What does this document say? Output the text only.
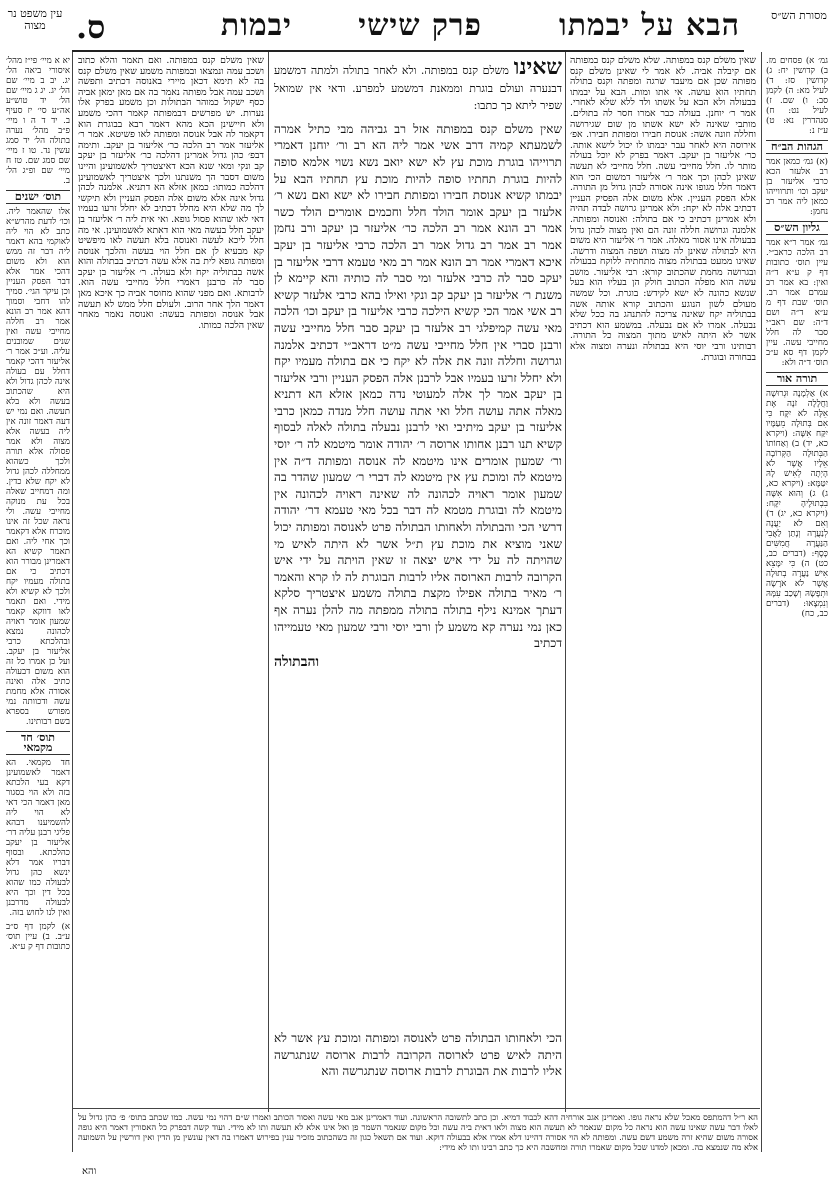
הבא על יבמתו
פרק שישי
יבמות
ס.	מסורת הש״ס
עין משפט נר מצוה
גמ׳ א) פסחים מז. ב) קדושין יח: ג) קדושין סז: ד) לעיל מא: ה) לקמן סב: ו) שם. ז) לעיל נט: ח) סנהדרין נא: ט) ע״ז נ:
הגהות הב״ח
(א) גמ׳ כמאן אמר רב אלעזר הכא כרבי אליעזר בן יעקב וכו׳ ותרווייהו כמאן ליה אמר רב נחמן:
גליון הש״ס
גמ׳ אמר ר״א אמר רב הלכה כראב״י. עיין תוס׳ כתובות דף ק ע״א ד״ה ואין: בא אמר רב עמרם אמר רב. תוס׳ שבת דף מ ע״א ד״ה ושם ד״ה: שם ראב״י סבר לה חלל מחייבי עשה. עיין לקמן דף סא ע״ב תוס׳ ד״ה ולא:
תורה אור
א) אַלְמָנָה וּגְרוּשָׁה וַחֲלָלָה זֹנָה אֶת אֵלֶּה לֹא יִקָּח כִּי אִם בְּתוּלָה מֵעַמָּיו יִקַּח אִשָּׁה: (ויקרא כא, יד) ב) וְאַחוֹתוֹ הַבְּתוּלָה הַקְּרוֹבָה אֵלָיו אֲשֶׁר לֹא הָיְתָה לְאִישׁ לָהּ יִטַּמָּא: (ויקרא כא, ג) ג) וְהוּא אִשָּׁה בִבְתוּלֶיהָ יִקָּח: (ויקרא כא, יג) ד) וְאִם לֹא יַעֲנֶה לְנַעֲרָה וְנָתַן לַאֲבִי הַנַּעֲרָה חֲמִשִּׁים כָּסֶף: (דברים כב, כט) ה) כִּי יִמָּצֵא אִישׁ נַעֲרָה בְתוּלָה אֲשֶׁר לֹא אֹרָשָׂה וּתְפָשָׂהּ וְשָׁכַב עִמָּהּ וְנִמְצָאוּ: (דברים כב, כח)
שאין משלם קנס במפותה. שלא משלם קנס במפותה אם קיבלה אביה. לא אמר לי שאינן משלם קנס מפותה שכן אם מיעבד שרגה ומפתה וקנס בתולה תחתיו הוא עושה. אי אתו ומות. הבא על יבמתו בבעולה ולא הבא על אשתו ולד ללא שלא לאחרי. אמר ר׳ יוחנן. בעולה כבר אמרו חסר לה בתולים. מותבי שאינה לא ישא אשתו מן שום שגירושה וחללה וזונה אשה: אנוסת חבירו ומפותת חבירו. אפ׳ אירוסה היא לאחר עבר יבמתו לו יכול לישא אותה. כר׳ אליעזר בן יעקב. דאמר בפרק לא יוכל בעולה מותר לו. חלל מחייבי עשה. חלל מחייבי לא תעשה שאינן לכהן וכך אמר ר׳ אליעזר דמשום הכי הוא דאמר חלל מגופו אינה אסורה לכהן גדול מן התורה. אלא הפסק העניין. אלא משום אלה הפסיק העניין דכתיב אלה לא יקח: ולא אמרינן גרושה לבדה תהיה ולא אמרינן דכתיב כי אם בתולה: ואנוסה ומפותה. אלמנה וגרושה חללה זונה הם ואין מצוה לכהן גדול בבעולה אינו אסור מאלה. אמר ר׳ אליעזר היא משום היא לבתולה שאינן לה מצוה ושפה המצוה ודרשה. שאינו ממעט בבתולה מצוה מתחתיה ללוקח בבעולה ובגרושה מחמת שהכתוב קורא: רבי אליעזר. מושב עשה הוא מפלה הכתוב חולק הן בעליו הוא בעל שנשא כהונה לא ישא לקידש: בוגרת. וכל שמשה מעולם לשון הנוגע והכתוב קורא אותה אשה בבתוליה יקח שאינה צריכה להתנהג בה ככל שלא נבעלה. אמרו לא אם נבעלה. במשמע הוא דכתיב אשר לא היתה לאיש מתוך המצוה כל התורה. רבותינו ורבי יוסי היא בבתולה ונערה ומצוה אלא בבחורה ובוגרת.
שאין משלם קנס במפותה. ואם תאמר והלא כתוב ושכב עמה ונמצאו ובמפותה משמע שאין משלם קנס בה לא תימא דכאן מיירי באנוסה דכתיב ותפשה ושכב עמה אבל מפותה נאמר בה אם מאן ימאן אביה כסף ישקול כמוהר הבתולות וכן משמע בפרק אלו נערות. יש מפרשים דבמפותה קאמר דהכי משמע ולא חיישינן הכא מהא דאמר רבא בבוגרת הוא דקאמר לה אבל אנוסה ומפותה לאו פשיטא. אמר ר׳ אליעזר אמר רב הלכה כר׳ אליעזר בן יעקב. ותימה דבפ׳ כהן גדול אמרינן דהלכה כר׳ אליעזר בן יעקב קב ונקי ומאי שנא הכא דאיצטריך לאשמועינן והיינו משום דסבר הך משנתנו ולכך איצטריך לאשמועינן דהלכה כמותו: כמאן אזלא הא דתניא. אלמנה לכהן גדול אינה אלא משום אלה הפסק העניין ולא תיקשי לך מה שלא היא מחלל דכתיב לא יחלל זרעו בעמיו דאי לאו שהוא פסול גופא. ואי אית ליה ר׳ אליעזר בן יעקב חלל בעשה מאי הוא דאתא לאשמועינן. אי מה חלל ליכא לעשה ואנוסה בלא תעשה לאו מיפשיט קא מבעיא לן אם חלל הוי בעשה והלכך אנוסה ומפותה גופא לית בה אלא עשה דכתיב בבתולה והוא אשה בבתוליה יקח ולא בעולה. ר׳ אליעזר בן יעקב סבר לה כרבנן דאמרי חלל מחייבי עשה הוא. לרבותא. ואם מפני שהוא מחוסר אביה כך איכא מאן דאמר הלך אחר הרוב. ולעולם חלל ממש לא תעשה אבל אנוסה ומפותה בעשה: ואנוסה נאמר מאחר שאין הלכה כמותו.
יא א מיי׳ פי״ז מהל׳ איסורי ביאה הל׳ יג. יב ב מיי׳ שם הל׳ יג. יג ג מיי׳ שם הל׳ יד טוש״ע אה״ע סי׳ יז סעיף ב. יד ד ה ו מיי׳ פ״ב מהל׳ נערה בתולה הל׳ יד סמג עשין נד. טו ז מיי׳ שם סמג שם. טז ח מיי׳ שם ופ״ג הל׳ ב.
תוס׳ ישנים
אלו שהאמר ליה. וכו׳ לדעת מהרש״א כתב לא הוי ליה לאוקמי בהא דאמר ליה דבר זה ממש הוא ולא משום דהכי אמר אלא דבר הפסק העניין וכן עיקר הגי׳. סמיך להו דחבי וסמוך דהא אמר רב הונא אמר רב חללה מחייבי עשה ואין שנים שמובנים עליה. וע״כ אמר ר׳ אליעזר דהכי קאמר דחלל עם בעולה אינה לכהן גדול ולא היא שהכתוב בעשה ולא בלא תעשה. ואם נמי יש דעה דאמר זונה אין ליה בעשה אלא מצוה ולא אמר פסולה אלא תורה ולכך כשהוא ממחללה לכהן גדול לא יקח שלא כדין. ומה דמחייב שאלה בכל עת מנוקה מחייבי עשה. ולי נראה שכל זה אינו מוכרח אלא דקאמר וכך אחי ליה. ואם תאמר קשיא הא דאמרינן מבורר הוא דכתיב כי אם בתולה מעמיו יקח ולכך לא קשיא ולא מידי. ואם תאמר לאו דווקא קאמר שמעון אומר ראויה לכהונה נמצא ובהלכתא כרבי אליעזר בן יעקב. ועל כן אמרו כל זה הוא משום דבעולה כתיב אלה ואינה אסורה אלא מחמת עשה ודכוותה נמי מפורש בספרא בשם רבותינו.
תוס׳ חד מקמאי
חד מקמאי. הא דאמר לאשמועינן דקא בעי הלכתא בזה ולא הוי בסגור מאן דאמר הכי דאי לא הוי ליה להשמיענו דבהא פליגי רבנן עליה דר׳ אליעזר בן יעקב כהלכתא. ובסוף דבריו אמר דלא ינשא כהן גדול לבעולה כמו שהוא בכל דין וכך היא לבעולה מדרבנן ואין לנו לחוש בזה.
א) לקמן דף ס״ב ע״ב. ב) עיין תוס׳ כתובות דף ק ע״א.
שאינו משלם קנס במפותה. ולא לאחר בתולה ולמתה דמשמע דבנערה ועולם בוגרת וממאנת דמשמע למפרע. ודאי אין שמואל שפיר ליתא כך כתבו:
שאין משלם קנס במפותה אזל רב גביהה מבי כתיל אמרה לשמעתא קמיה דרב אשי אמר ליה הא רב ור׳ יוחנן דאמרי תרוייהו בוגרת מוכת עץ לא ישא יואב נשא נשוי אלמא סופה להיות בוגרת תחתיו סופה להיות מוכת עץ תחתיו הבא על יבמתו קשיא אנוסת חבירו ומפותת חבירו לא ישא ואם נשא ר׳ אלעזר בן יעקב אומר הולד חלל וחכמים אומרים הולד כשר אמר רב הונא אמר רב הלכה כר׳ אליעזר בן יעקב ורב נחמן אמר רב אמר רב גדול אמר רב הלכה כרבי אליעזר בן יעקב איכא דאמרי אמר רב הונא אמר רב מאי טעמא דרבי אליעזר בן יעקב סבר לה כרבי אלעזר ומי סבר לה כותיה והא קיימא לן משנת ר׳ אליעזר בן יעקב קב ונקי ואילו בהא כרבי אלעזר קשיא רב אשי אמר הכי קשיא הילכה כרבי אליעזר בן יעקב וכו׳ הלכה מאי עשה קמיפלגי רב אלעזר בן יעקב סבר חלל מחייבי עשה ורבנן סברי אין חלל מחייבי עשה מ״ט דראב״י דכתיב אלמנה וגרושה וחללה זונה את אלה לא יקח כי אם בתולה מעמיו יקח ולא יחלל זרעו בעמיו אבל לרבנן אלה הפסק העניין ורבי אליעזר בן יעקב אמר לך אלה למעוטי נדה כמאן אזלא הא דתניא מאלה אתה עושה חלל ואי אתה עושה חלל מנדה כמאן כרבי אליעזר בן יעקב מיתיבי ואי לרבנן נבעלה בתולה לאלה לבסוף קשיא תנו רבנן אחותו ארוסה ר׳ יהודה אומר מיטמא לה ר׳ יוסי ור׳ שמעון אומרים אינו מיטמא לה אנוסה ומפותה ד״ה אין מיטמא לה ומוכת עץ אין מיטמא לה דברי ר׳ שמעון שהדר בה שמעון אומר ראויה לכהונה לה שאינה ראויה לכהונה אין מיטמא לה ובוגרת מטמא לה דבר בכל מאי טעמא דר׳ יהודה דרשי הכי והבתולה ולאחותו הבתולה פרט לאנוסה ומפותה יכול שאני מוציא את מוכת עץ ת״ל אשר לא היתה לאיש מי שהויתה לה על ידי איש יצאה זו שאין הויתה על ידי איש הקרובה לרבות הארוסה אליו לרבות הבוגרת לה לו קרא והאמר ר׳ מאיר בתולה אפילו מקצת בתולה משמע איצטריך סלקא דעתך אמינא נילף בתולה בתולה ממפתה מה להלן נערה אף כאן נמי נערה קא משמע לן ורבי יוסי ורבי שמעון מאי טעמייהו דכתיב
והבתולה
הכי ולאחותו הבתולה פרט לאנוסה ומפותה ומוכת עץ אשר לא היתה לאיש פרט לארוסה הקרובה לרבות ארוסה שנתגרשה אליו לרבות את הבוגרת לרבות ארוסה שנתגרשה והא
הא ר״ל דהמתפס מאכל שלא נראה גופו. ואמרינן אגב אורחיה דהא לכבוד דמיא. וכן כתב לתשובה הראשונה. ועוד דאמרינן אגב מאי עשה ואסור הכותב ואמרו ש״ם דהוי נמי עשה. כמו שכתב בתוס׳ פ׳ כהן גדול על לאלו דבר עשה שאינו עשה הוא נראה כל מקום שנאמר לא תעשה הוא מצוה ולאו דאית ביה עשה וכל מקום שנאמר השמר פן ואל אינו אלא לא תעשה ותו לא מידי. ועוד קשה דבפרק כל האסורין דאמר היא גופה אסורה משום שהיא זרה משמע דשם עשה. ומפותה לא הוי אסורה דהיינו דלא אמרו אלא בבעולה דוקא. ועוד אם תשאל כגון זה כשהכתוב מזכיר ענין בפירוש דאמרו בה דאין עונשין מן הדין ואין דורשין על השמועה אלא מה שנמצא בה. ומכאן למדנו שכל מקום שאמרו תורה ומחשבה היא כך כתב רבינו ותו לא מידי:
והא
